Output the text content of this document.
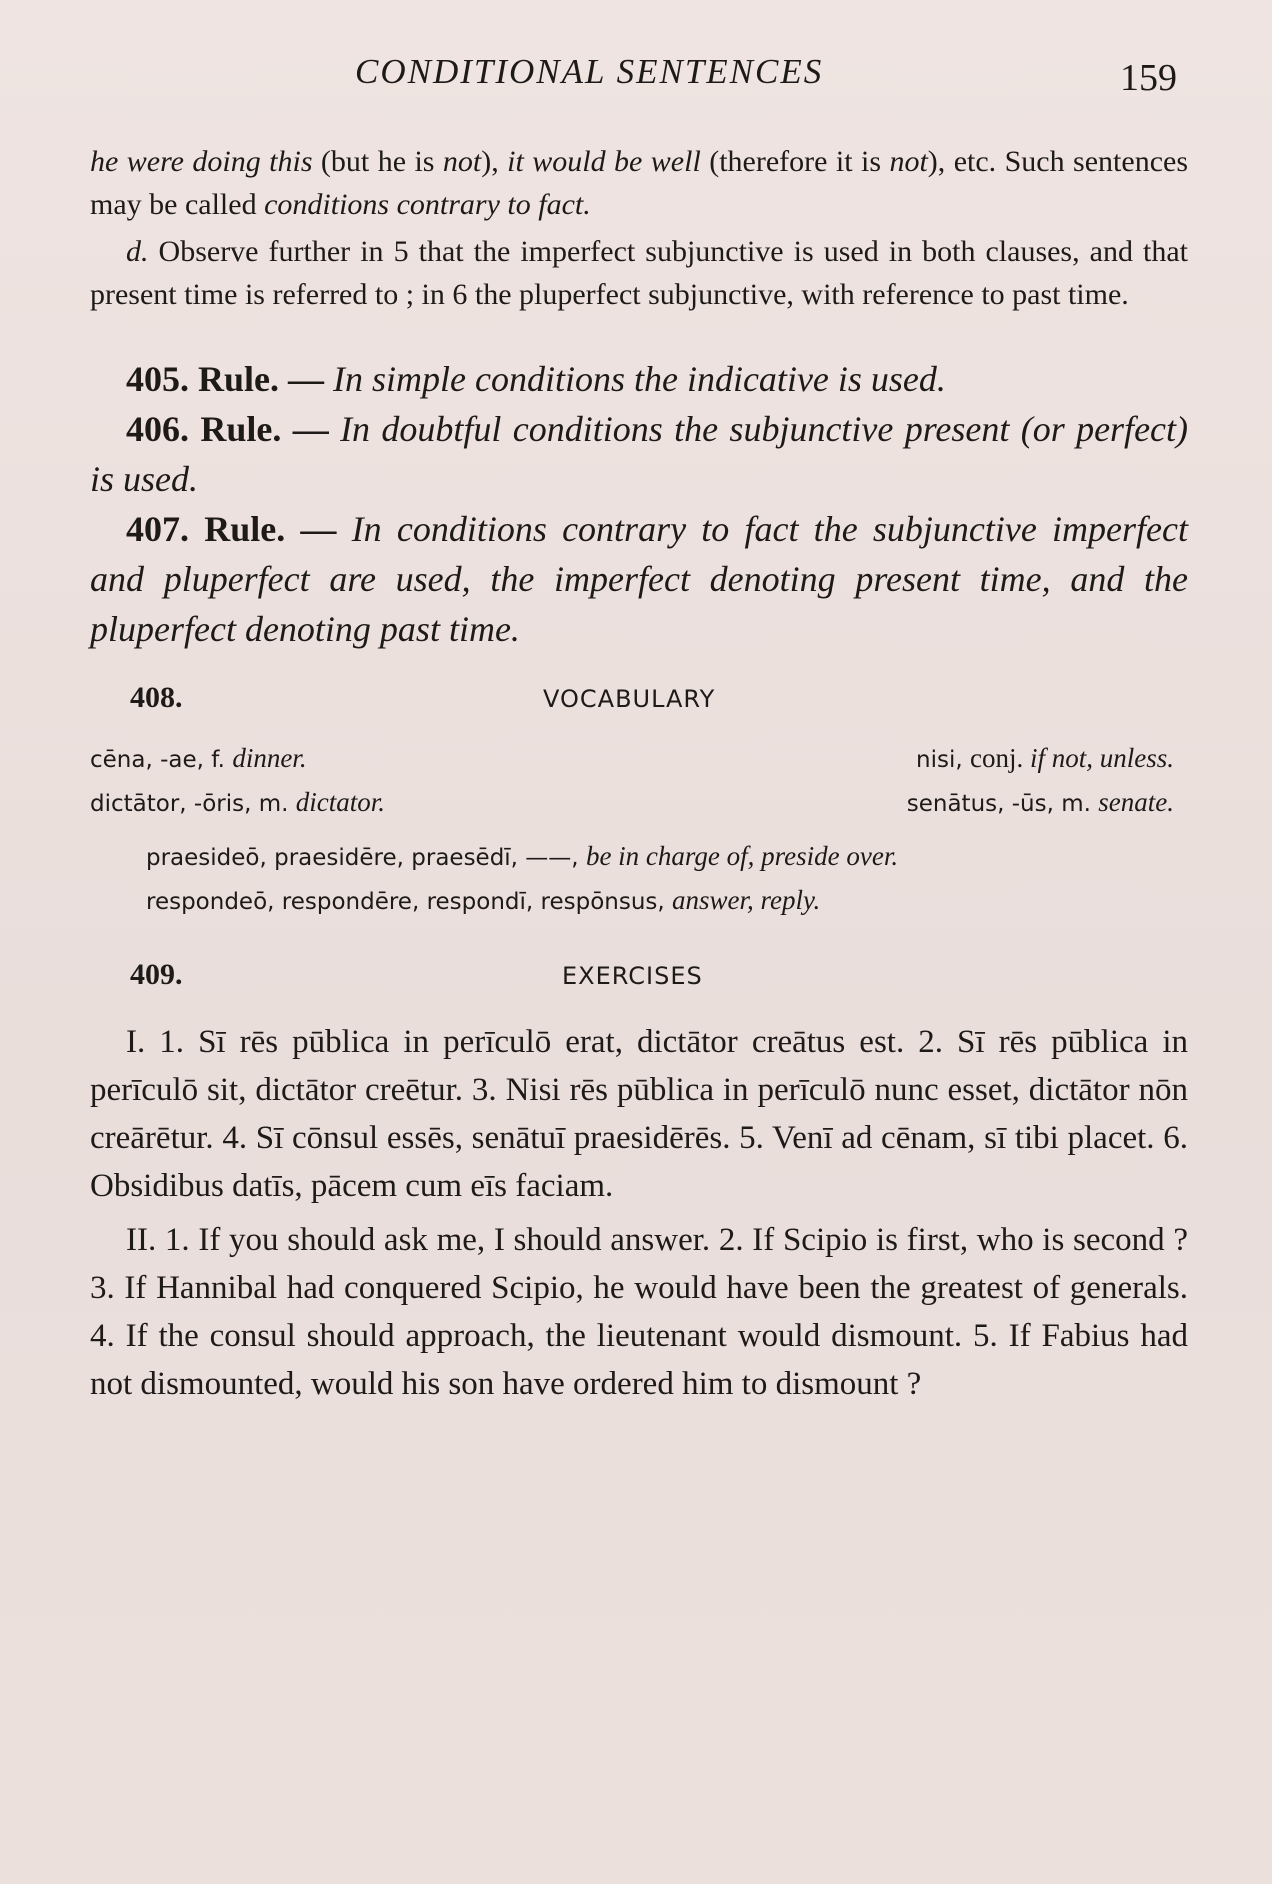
CONDITIONAL SENTENCES	159

he were doing this (but he is not), it would be well (therefore it is not), etc. Such sentences may be called conditions contrary to fact.

d. Observe further in 5 that the imperfect subjunctive is used in both clauses, and that present time is referred to ; in 6 the pluperfect subjunctive, with reference to past time.

405. Rule. — In simple conditions the indicative is used.

406. Rule. — In doubtful conditions the subjunctive present (or perfect) is used.

407. Rule. — In conditions contrary to fact the subjunctive imperfect and pluperfect are used, the imperfect denoting present time, and the pluperfect denoting past time.

408.	VOCABULARY
cēna, -ae, f. dinner.	nisi, conj. if not, unless.
dictātor, -ōris, m. dictator.	senātus, -ūs, m. senate.
praesideō, praesidēre, praesēdī, ——, be in charge of, preside over.
respondeō, respondēre, respondī, respōnsus, answer, reply.
409.	EXERCISES

I. 1. Sī rēs pūblica in perīculō erat, dictātor creātus est. 2. Sī rēs pūblica in perīculō sit, dictātor creētur. 3. Nisi rēs pūblica in perīculō nunc esset, dictātor nōn creārētur. 4. Sī cōnsul essēs, senātuī praesidērēs. 5. Venī ad cēnam, sī tibi placet. 6. Obsidibus datīs, pācem cum eīs faciam.

II. 1. If you should ask me, I should answer. 2. If Scipio is first, who is second ? 3. If Hannibal had conquered Scipio, he would have been the greatest of generals. 4. If the consul should approach, the lieutenant would dismount. 5. If Fabius had not dismounted, would his son have ordered him to dismount ?
